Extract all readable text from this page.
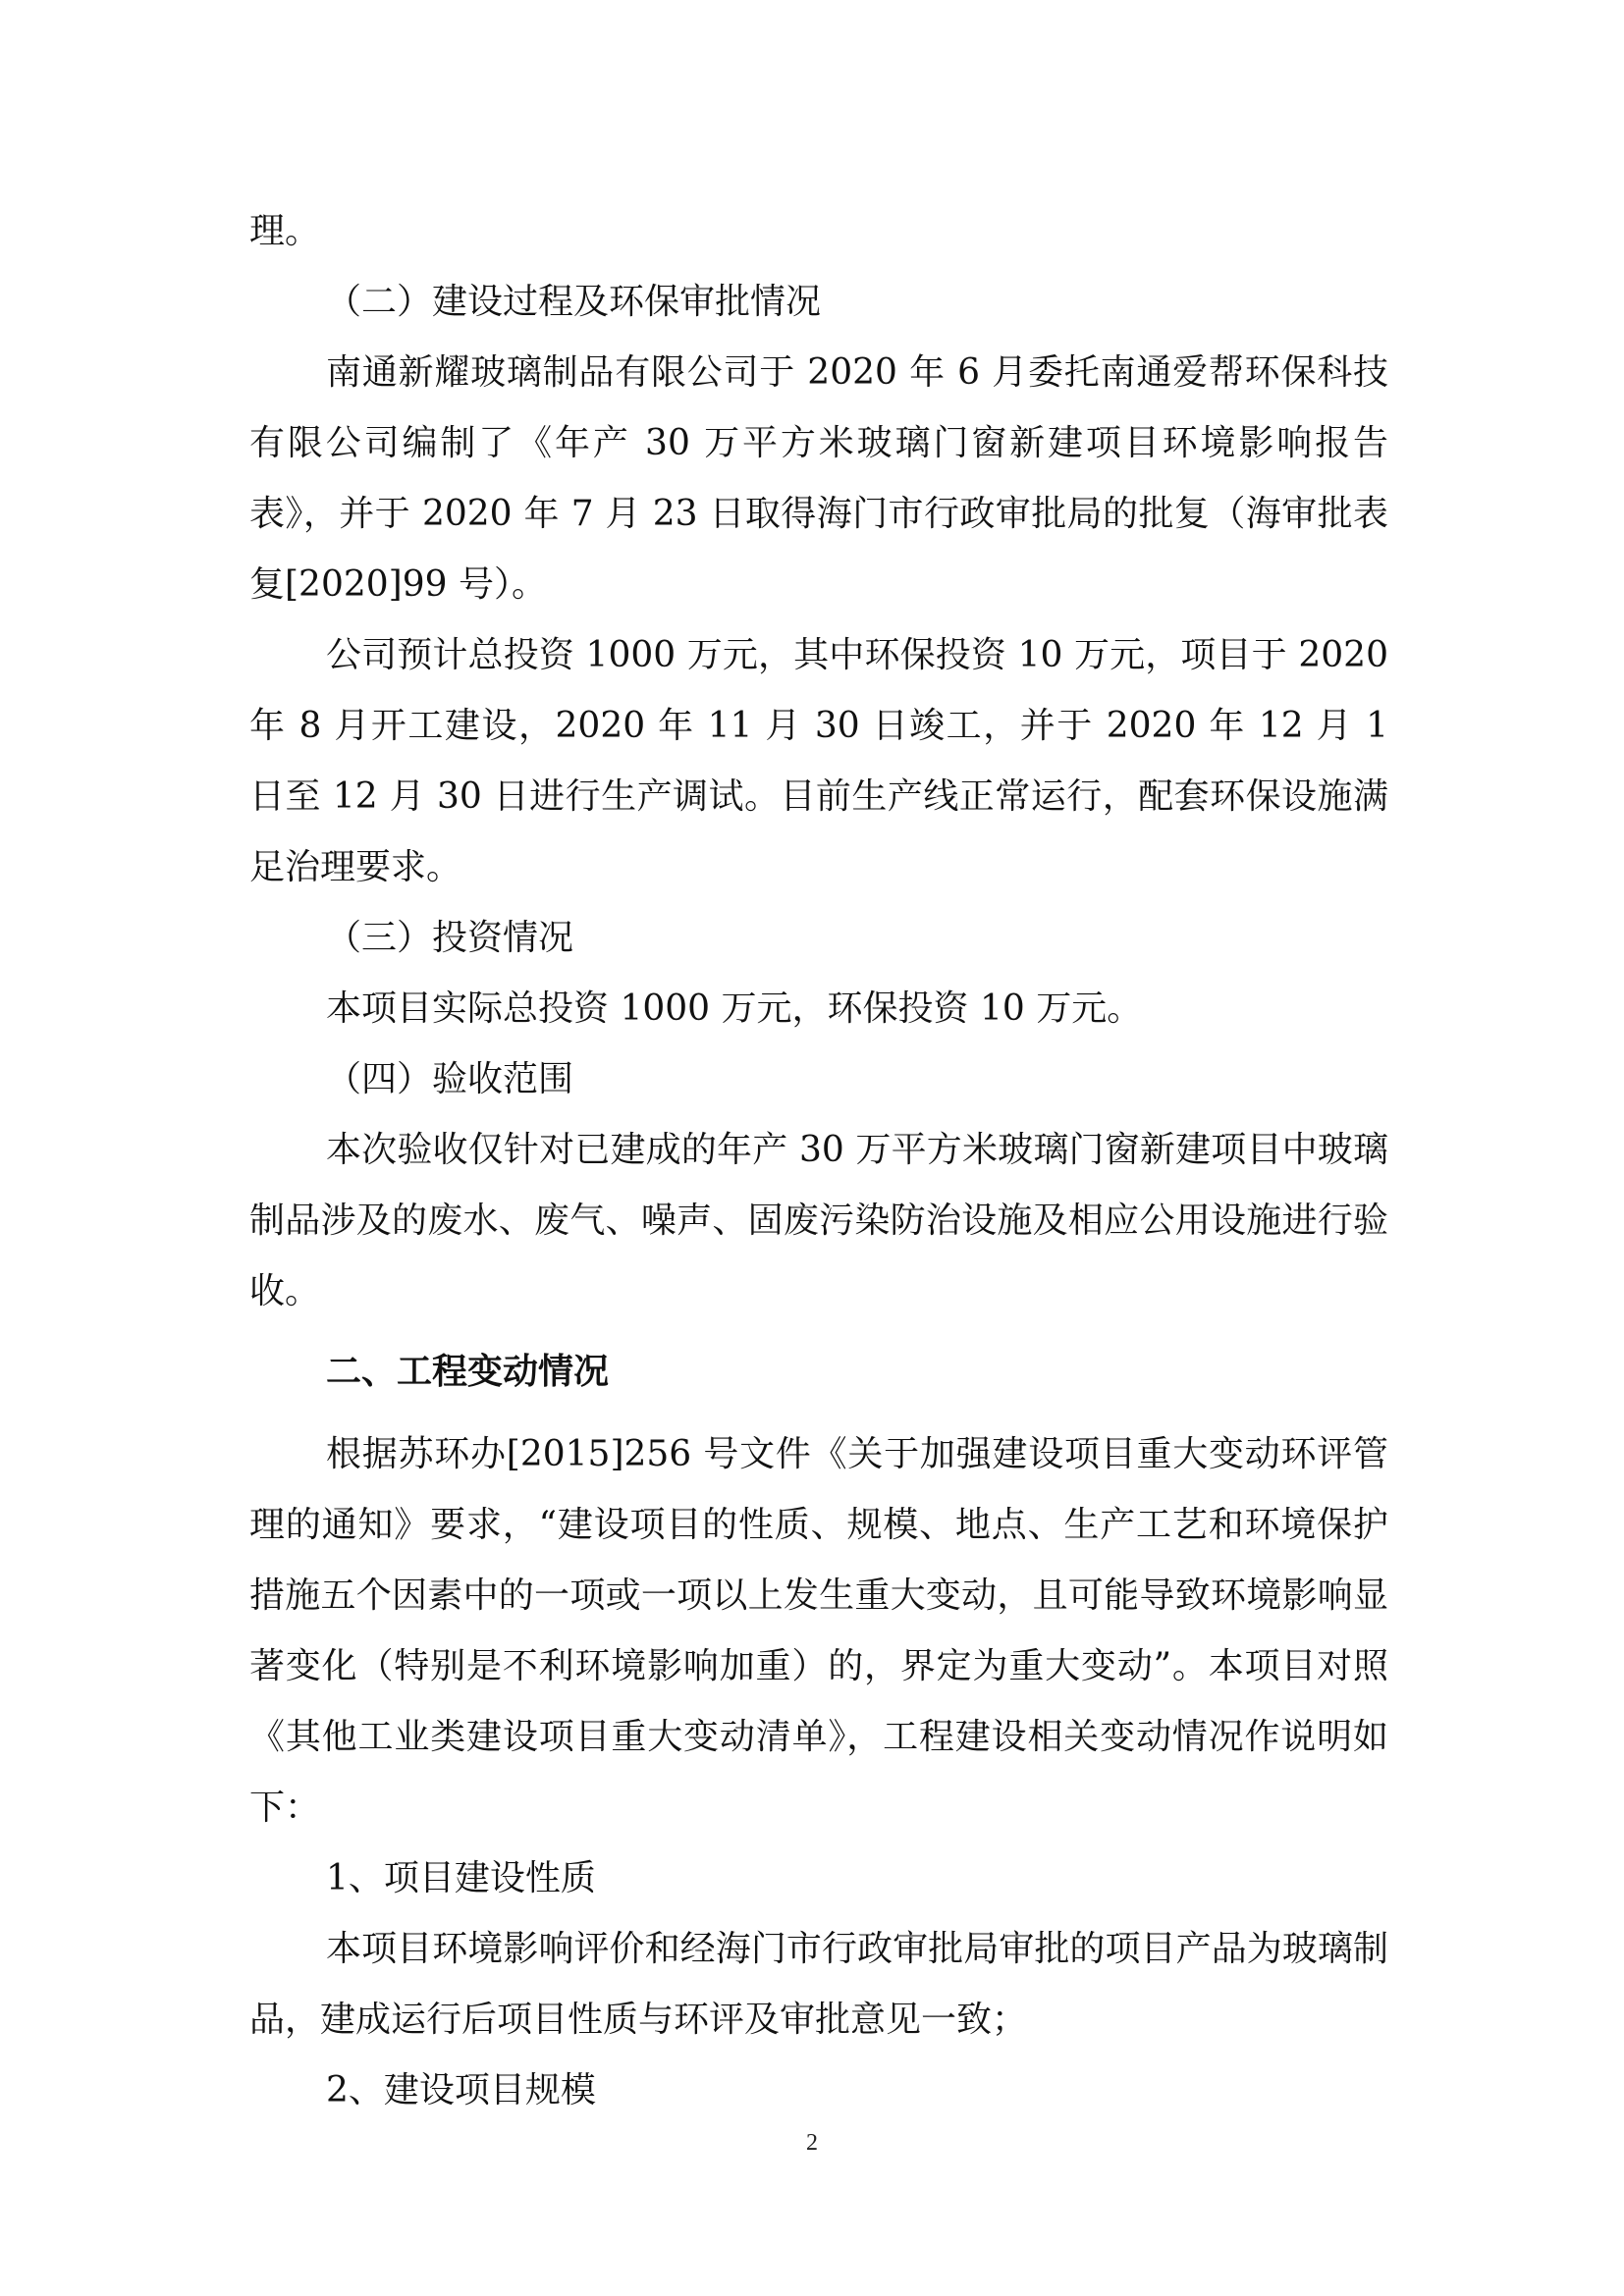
理。

（二）建设过程及环保审批情况

南通新耀玻璃制品有限公司于 2020 年 6 月委托南通爱帮环保科技有限公司编制了《年产 30 万平方米玻璃门窗新建项目环境影响报告表》，并于 2020 年 7 月 23 日取得海门市行政审批局的批复（海审批表复[2020]99 号）。

公司预计总投资 1000 万元，其中环保投资 10 万元，项目于 2020 年 8 月开工建设，2020 年 11 月 30 日竣工，并于 2020 年 12 月 1 日至 12 月 30 日进行生产调试。目前生产线正常运行，配套环保设施满足治理要求。

（三）投资情况

本项目实际总投资 1000 万元，环保投资 10 万元。

（四）验收范围

本次验收仅针对已建成的年产 30 万平方米玻璃门窗新建项目中玻璃制品涉及的废水、废气、噪声、固废污染防治设施及相应公用设施进行验收。

二、工程变动情况

根据苏环办[2015]256 号文件《关于加强建设项目重大变动环评管理的通知》要求，“建设项目的性质、规模、地点、生产工艺和环境保护措施五个因素中的一项或一项以上发生重大变动，且可能导致环境影响显著变化（特别是不利环境影响加重）的，界定为重大变动”。本项目对照《其他工业类建设项目重大变动清单》，工程建设相关变动情况作说明如下：

1、项目建设性质

本项目环境影响评价和经海门市行政审批局审批的项目产品为玻璃制品，建成运行后项目性质与环评及审批意见一致；

2、建设项目规模

2
